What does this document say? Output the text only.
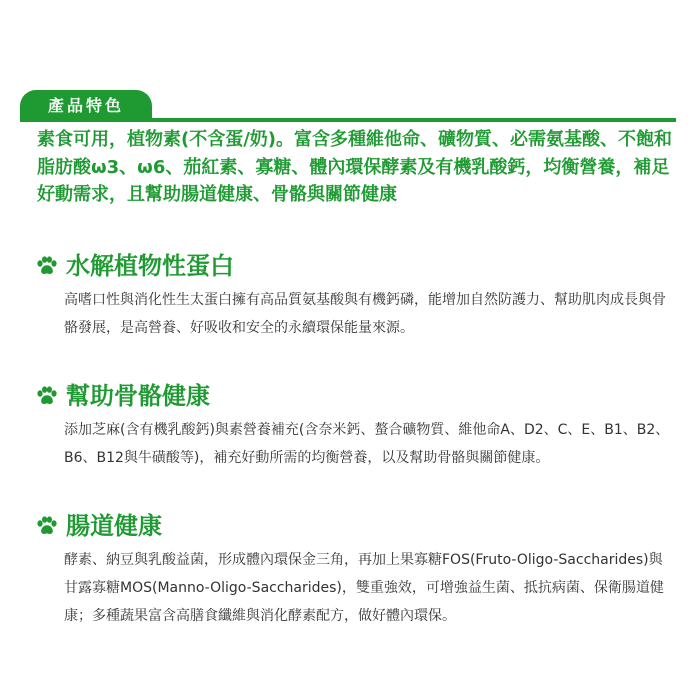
產品特色

素食可用，植物素(不含蛋/奶)。富含多種維他命、礦物質、必需氨基酸、不飽和脂肪酸ω3、ω6、茄紅素、寡糖、體內環保酵素及有機乳酸鈣，均衡營養，補足好動需求，且幫助腸道健康、骨骼與關節健康

水解植物性蛋白

高嗜口性與消化性生太蛋白擁有高品質氨基酸與有機鈣磷，能增加自然防護力、幫助肌肉成長與骨骼發展，是高營養、好吸收和安全的永續環保能量來源。

幫助骨骼健康

添加芝麻(含有機乳酸鈣)與素營養補充(含奈米鈣、螯合礦物質、維他命A、D2、C、E、B1、B2、B6、B12與牛磺酸等)，補充好動所需的均衡營養，以及幫助骨骼與關節健康。

腸道健康

酵素、納豆與乳酸益菌，形成體內環保金三角，再加上果寡糖FOS(Fruto-Oligo-Saccharides)與甘露寡糖MOS(Manno-Oligo-Saccharides)，雙重強效，可增強益生菌、抵抗病菌、保衛腸道健康；多種蔬果富含高膳食纖維與消化酵素配方，做好體內環保。
